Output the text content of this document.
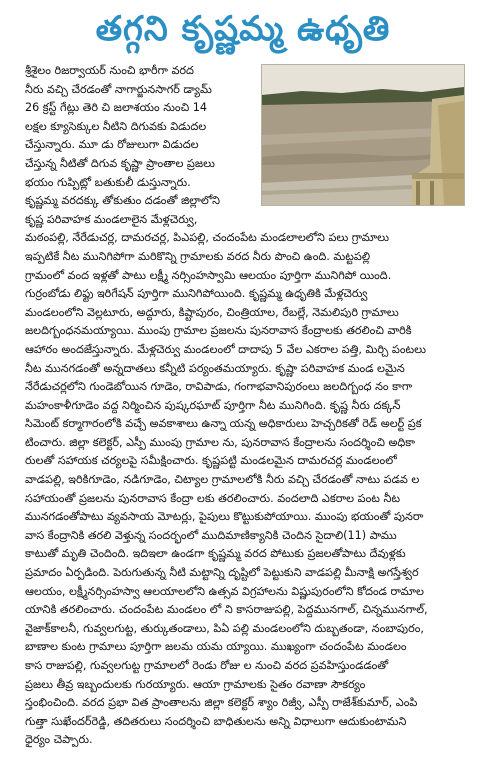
తగ్గని కృష్ణమ్మ ఉధృతి
శ్రీశైలం రిజర్వాయర్ నుంచి భారీగా వరద
నీరు వచ్చి చేరడంతో నాగార్జునసాగర్ డ్యామ్
26 క్రస్ట్ గేట్లు తెరి చి జలాశయం నుంచి 14
లక్షల క్యూసెక్కుల నీటిని దిగువకు విడుదల
చేస్తున్నారు. మూ డు రోజులుగా విడుదల
చేస్తున్న నీటితో దిగువ కృష్ణా ప్రాంతాల ప్రజలు
భయం గుప్పిట్లో బతుకులీ డుస్తున్నారు.
కృష్ణమ్మ వరదక్కు తోకుతుం దడంతో జిల్లాలోని
కృష్ణ పరివాహక మండలాలైన మేళ్లచెర్వు,
మఠంపల్లి, నేరేడుచర్ల, దామరచర్ల, పిఎపల్లి, చందంపేట మండలాలలోని పలు గ్రామాలు
ఇప్పటికే నీట మునిగిపోగా మరికొన్ని గ్రామాలకు వరద నీరు పొంచి ఉంది. మట్టపల్లి
గ్రామంలో వంద ఇళ్లతో పాటు లక్ష్మీ నర్సింహస్వామి ఆలయం పూర్తిగా మునిగిపో యింది.
గుర్రంబోడు లిఫ్టు ఇరిగేషన్ పూర్తిగా మునిగిపోయింది. కృష్ణమ్మ ఉధృతికి మేళ్లచెర్వు
మండలంలోని వెల్లటూరు, అద్దూరు, కిష్టాపురం, చింత్రియాల, రేబల్లే, నెమలిపురి గ్రామాలు
జలదిగ్బంధనమయ్యాయి. ముంపు గ్రామాల ప్రజలను పునరావాస కేంద్రాలకు తరలించి వారికి
ఆహారం అందజేస్తున్నారు. మేళ్లచెర్వు మండలంలో దాదాపు 5 వేల ఎకరాల పత్తి, మిర్చి పంటలు
నీట మునగడంతో అన్నదాతలు కన్నీటి పర్యంతమయ్యారు. కృష్ణా పరివాహక మండ లమైన
నేరేడుచర్లలోని గుండెబోయిన గూడెం, రావిపాడు, గంగాభవానిపురంలు జలదిగ్బంధ నం కాగా
మహంకాళీగూడెం వద్ద నిర్మించిన పుష్కరఘాట్ పూర్తిగా నీట మునిగింది. కృష్ణ నీరు దక్కన్
సిమెంట్ కర్మాగారంలోకి వచ్చే అవకాశాలు ఉన్నా యన్న అధికారులు హెచ్చరికతో రెడ్ అలర్ట్ ప్రక
టించారు. జిల్లా కలెక్టర్, ఎస్పీ ముంపు గ్రామాల ను, పునరావాస కేంద్రాలను సందర్శించి అధికా
రులతో సహాయక చర్యలపై సమీక్షించారు. కృష్ణపట్టి మండలమైన దామరచర్ల మండలంలో
వాడపల్లి, ఇరికిగూడెం, నడిగూడెం, చిట్యాల గ్రామాలలోకి నీరు వచ్చి చేరడంతో నాటు పడవ ల
సహాయంతో ప్రజలను పునరావాస కేంద్రా లకు తరలించారు. వందలాది ఎకరాల పంట నీట
మునగడంతోపాటు వ్యవసాయ మోటర్లు, పైపులు కొట్టుకుపోయాయి. ముంపు భయంతో పునరా
వాస కేంద్రానికి తరలి వెళ్తున్న సందర్భంలో ముదిమాణిక్యానికి చెందిన సైదాలి(11) పాము
కాటుతో మృతి చెందింది. ఇదిఇలా ఉండగా కృష్ణమ్మ వరద పోటుకు ప్రజలతోపాటు దేవుళ్లకు
ప్రమాదం ఏర్పడింది. పెరుగుతున్న నీటి మట్టాన్ని దృష్టిలో పెట్టుకుని వాడపల్లి మీనాక్షి అగస్తేశ్వర
ఆలయం, లక్ష్మీనర్సింహస్వా ఆలయాలలోని ఉత్సవ విగ్రహాలను విష్ణుపురంలోని కోదండ రామాల
యానికి తరలించారు. చందంపేట మండలం లో ని కాసరాజుపల్లి, పెద్దమునగాల్, చిన్నమునగాల్,
వైజాక్‌కాలనీ, గువ్వలగుట్ట, తుర్కుతండాలు, పిఏ పల్లి మండలంలోని దుబ్బతండా, నంబాపురం,
బాణాల కుంట గ్రామాలు పూర్తిగా జలమ యమ య్యాయి. ముఖ్యంగా చందంపేట మండలం
కాస రాజుపల్లి, గువ్వలగుట్ట గ్రామాలలో రెండు రోజు ల నుంచి వరద ప్రవహిస్తుండడంతో
ప్రజలు తీవ్ర ఇబ్బందులకు గురయ్యారు. ఆయా గ్రామాలకు సైతం రవాణా సౌకర్యం
స్తంభించింది. వరద ప్రభా విత ప్రాంతాలను జిల్లా కలెక్టర్ శ్యాం రిజ్వీ, ఎస్పీ రాజేశ్‌కుమార్, ఎంపి
గుత్తా సుఖేందర్‌రెడ్డి, తదితరులు సందర్శించి బాధితులను అన్ని విధాలుగా ఆదుకుంటామని
ధైర్యం చెప్పారు.
